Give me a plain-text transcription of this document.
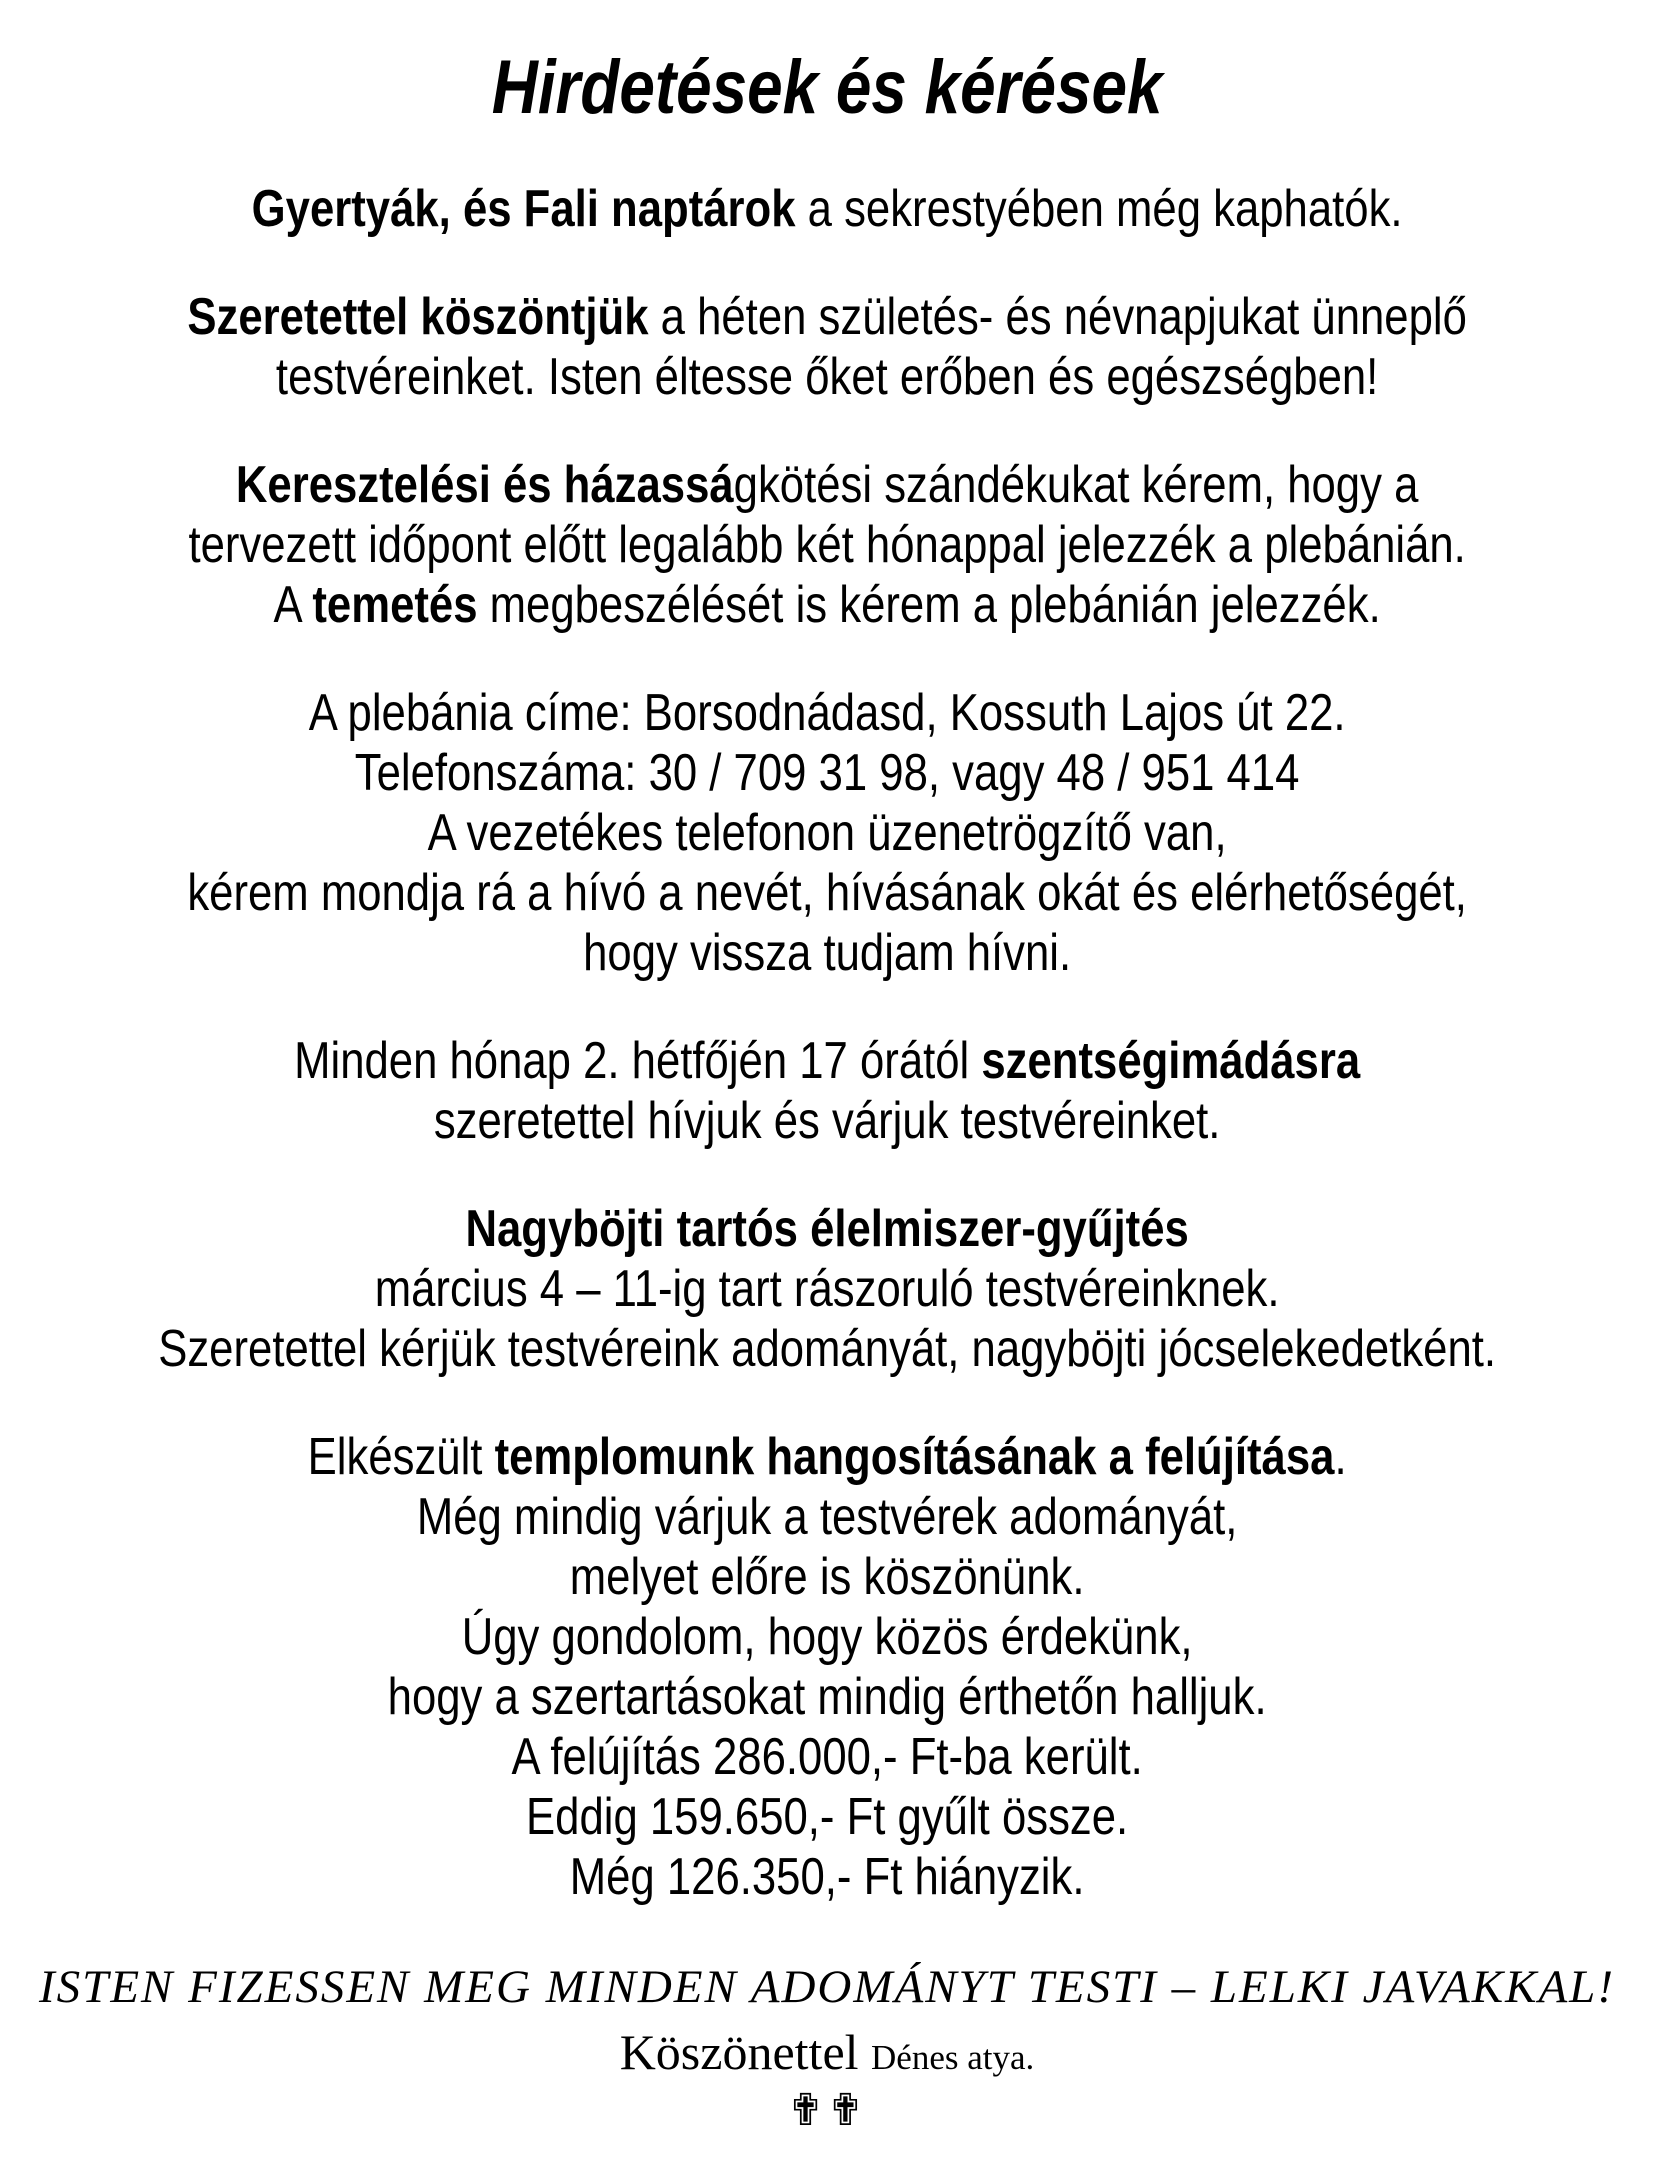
Hirdetések és kérések

Gyertyák, és Fali naptárok a sekrestyében még kaphatók.

Szeretettel köszöntjük a héten születés- és névnapjukat ünneplő

testvéreinket. Isten éltesse őket erőben és egészségben!

Keresztelési és házasságkötési szándékukat kérem, hogy a

tervezett időpont előtt legalább két hónappal jelezzék a plebánián.

A temetés megbeszélését is kérem a plebánián jelezzék.

A plebánia címe: Borsodnádasd, Kossuth Lajos út 22.

Telefonszáma: 30 / 709 31 98, vagy 48 / 951 414

A vezetékes telefonon üzenetrögzítő van,

kérem mondja rá a hívó a nevét, hívásának okát és elérhetőségét,

hogy vissza tudjam hívni.

Minden hónap 2. hétfőjén 17 órától szentségimádásra

szeretettel hívjuk és várjuk testvéreinket.

Nagyböjti tartós élelmiszer-gyűjtés

március 4 – 11-ig tart rászoruló testvéreinknek.

Szeretettel kérjük testvéreink adományát, nagyböjti jócselekedetként.

Elkészült templomunk hangosításának a felújítása.

Még mindig várjuk a testvérek adományát,

melyet előre is köszönünk.

Úgy gondolom, hogy közös érdekünk,

hogy a szertartásokat mindig érthetőn halljuk.

A felújítás 286.000,- Ft-ba került.

Eddig 159.650,- Ft gyűlt össze.

Még 126.350,- Ft hiányzik.

ISTEN FIZESSEN MEG MINDEN ADOMÁNYT TESTI – LELKI JAVAKKAL!

Köszönettel Dénes atya.

✟✟
